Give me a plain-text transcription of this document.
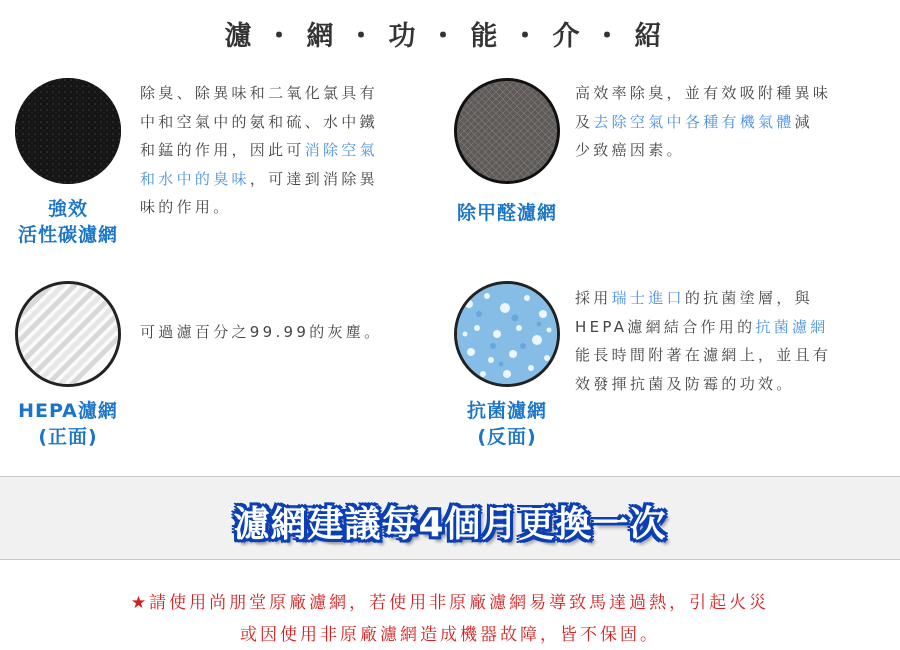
濾・網・功・能・介・紹
強效
活性碳濾網
除臭、除異味和二氧化氯具有
中和空氣中的氨和硫、水中鐵
和錳的作用，因此可消除空氣
和水中的臭味，可達到消除異
味的作用。	除甲醛濾網
高效率除臭，並有效吸附種異味
及去除空氣中各種有機氣體減
少致癌因素。
HEPA濾網
(正面)
可過濾百分之99.99的灰塵。
抗菌濾網
(反面)
採用瑞士進口的抗菌塗層，與
HEPA濾網結合作用的抗菌濾網
能長時間附著在濾網上，並且有
效發揮抗菌及防霉的功效。
濾網建議每4個月更換一次
★請使用尚朋堂原廠濾網，若使用非原廠濾網易導致馬達過熱，引起火災
或因使用非原廠濾網造成機器故障，皆不保固。
